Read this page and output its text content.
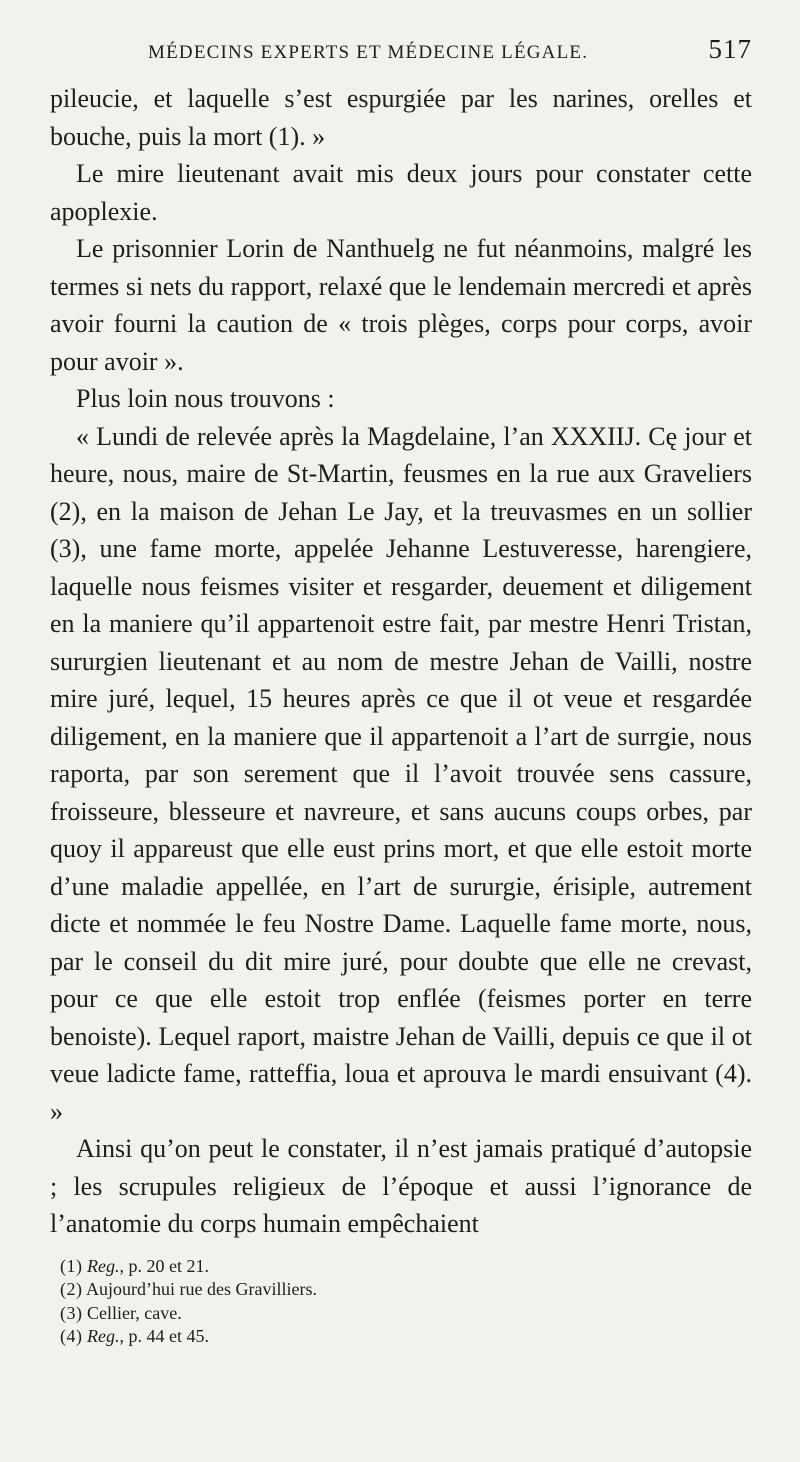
MÉDECINS EXPERTS ET MÉDECINE LÉGALE.	517

pileucie, et laquelle s’est espurgiée par les narines, orelles et bouche, puis la mort (1). »

Le mire lieutenant avait mis deux jours pour constater cette apoplexie.

Le prisonnier Lorin de Nanthuelg ne fut néanmoins, malgré les termes si nets du rapport, relaxé que le lendemain mercredi et après avoir fourni la caution de « trois plèges, corps pour corps, avoir pour avoir ».

Plus loin nous trouvons :

« Lundi de relevée après la Magdelaine, l’an XXXIIJ. Cę jour et heure, nous, maire de St-Martin, feusmes en la rue aux Graveliers (2), en la maison de Jehan Le Jay, et la treuvasmes en un sollier (3), une fame morte, appelée Jehanne Lestuveresse, harengiere, laquelle nous feismes visiter et resgarder, deuement et diligement en la maniere qu’il appartenoit estre fait, par mestre Henri Tristan, sururgien lieutenant et au nom de mestre Jehan de Vailli, nostre mire juré, lequel, 15 heures après ce que il ot veue et resgardée diligement, en la maniere que il appartenoit a l’art de surrgie, nous raporta, par son serement que il l’avoit trouvée sens cassure, froisseure, blesseure et navreure, et sans aucuns coups orbes, par quoy il appareust que elle eust prins mort, et que elle estoit morte d’une maladie appellée, en l’art de sururgie, érisiple, autrement dicte et nommée le feu Nostre Dame. Laquelle fame morte, nous, par le conseil du dit mire juré, pour doubte que elle ne crevast, pour ce que elle estoit trop enflée (feismes porter en terre benoiste). Lequel raport, maistre Jehan de Vailli, depuis ce que il ot veue ladicte fame, ratteffia, loua et aprouva le mardi ensuivant (4). »

Ainsi qu’on peut le constater, il n’est jamais pratiqué d’autopsie ; les scrupules religieux de l’époque et aussi l’ignorance de l’anatomie du corps humain empêchaient

(1) Reg., p. 20 et 21.
(2) Aujourd’hui rue des Gravilliers.
(3) Cellier, cave.
(4) Reg., p. 44 et 45.
